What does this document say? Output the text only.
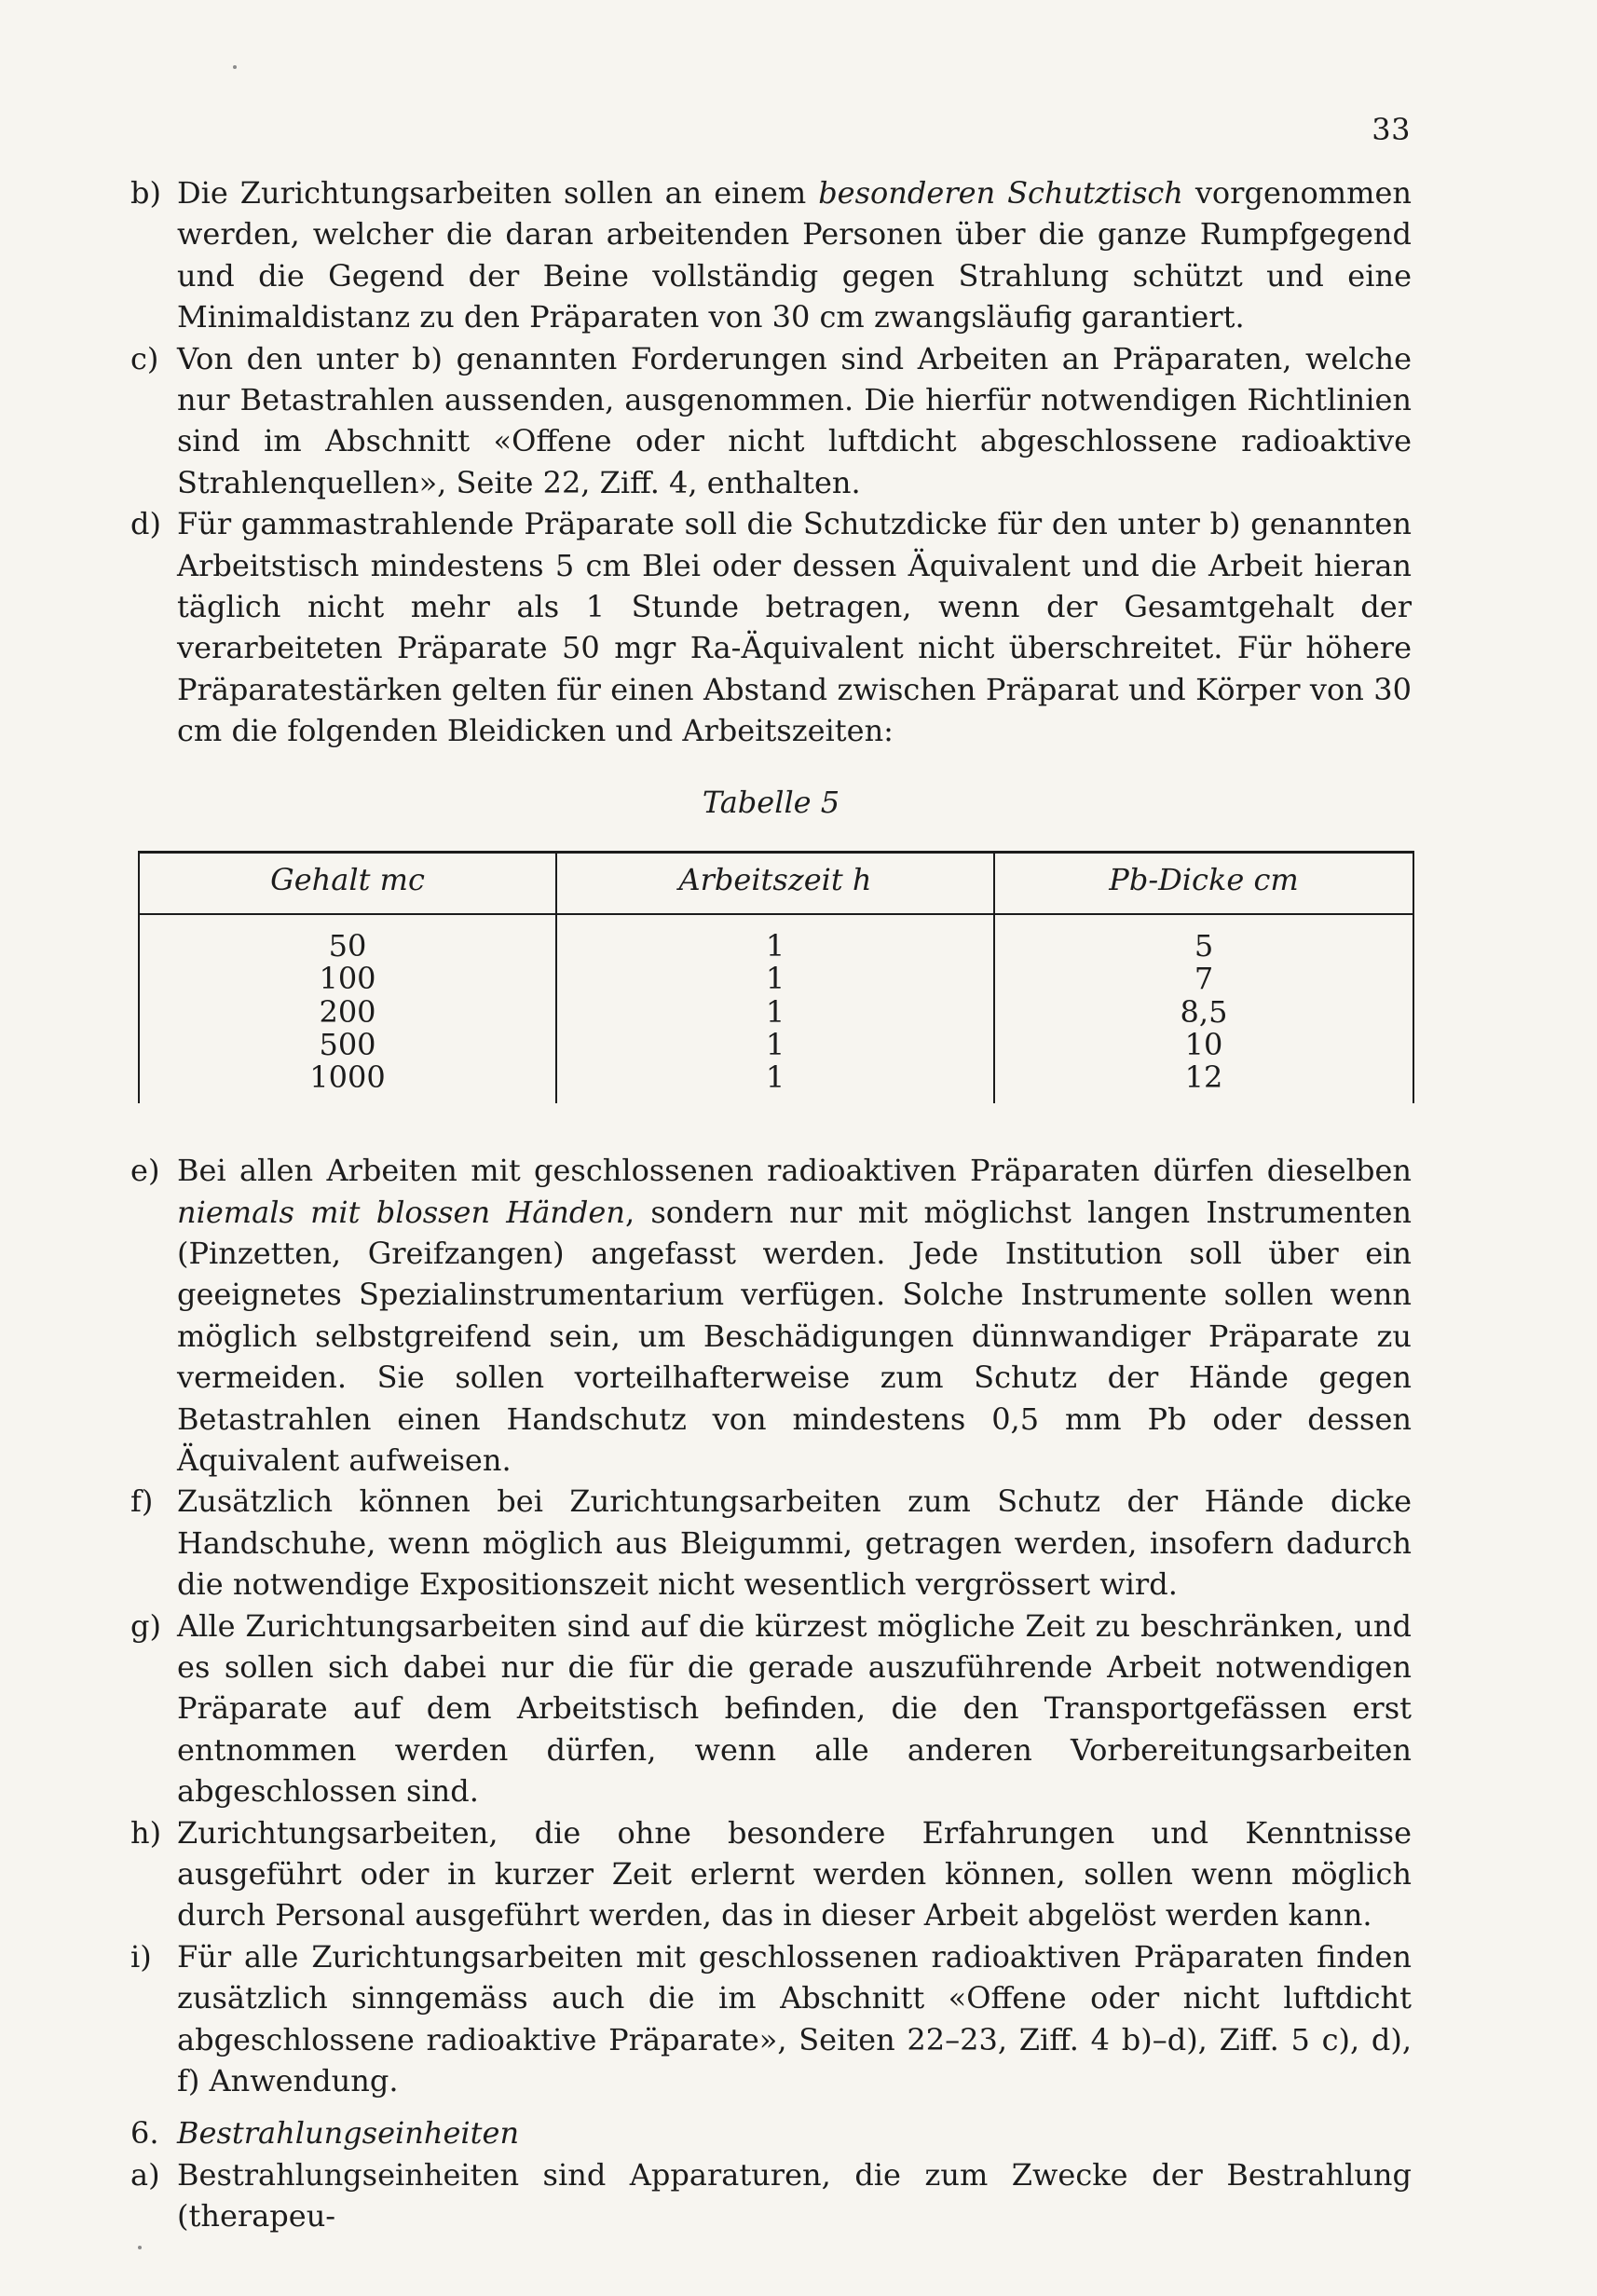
33
b) Die Zurichtungsarbeiten sollen an einem besonderen Schutztisch vorgenommen werden, welcher die daran arbeitenden Personen über die ganze Rumpfgegend und die Gegend der Beine vollständig gegen Strahlung schützt und eine Minimaldistanz zu den Präparaten von 30 cm zwangsläufig garantiert.

c) Von den unter b) genannten Forderungen sind Arbeiten an Präparaten, welche nur Betastrahlen aussenden, ausgenommen. Die hierfür notwendigen Richtlinien sind im Abschnitt «Offene oder nicht luftdicht abgeschlossene radioaktive Strahlenquellen», Seite 22, Ziff. 4, enthalten.

d) Für gammastrahlende Präparate soll die Schutzdicke für den unter b) genannten Arbeitstisch mindestens 5 cm Blei oder dessen Äquivalent und die Arbeit hieran täglich nicht mehr als 1 Stunde betragen, wenn der Gesamtgehalt der verarbeiteten Präparate 50 mgr Ra-Äquivalent nicht überschreitet. Für höhere Präparatestärken gelten für einen Abstand zwischen Präparat und Körper von 30 cm die folgenden Bleidicken und Arbeitszeiten:

Tabelle 5
Gehalt mc	Arbeitszeit h	Pb-Dicke cm
50
100
200
500
1000
1
1
1
1
1
5
7
8,5
10
12
e) Bei allen Arbeiten mit geschlossenen radioaktiven Präparaten dürfen dieselben niemals mit blossen Händen, sondern nur mit möglichst langen Instrumenten (Pinzetten, Greifzangen) angefasst werden. Jede Institution soll über ein geeignetes Spezialinstrumentarium verfügen. Solche Instrumente sollen wenn möglich selbstgreifend sein, um Beschädigungen dünnwandiger Präparate zu vermeiden. Sie sollen vorteilhafterweise zum Schutz der Hände gegen Betastrahlen einen Handschutz von mindestens 0,5 mm Pb oder dessen Äquivalent aufweisen.

f) Zusätzlich können bei Zurichtungsarbeiten zum Schutz der Hände dicke Handschuhe, wenn möglich aus Bleigummi, getragen werden, insofern dadurch die notwendige Expositionszeit nicht wesentlich vergrössert wird.

g) Alle Zurichtungsarbeiten sind auf die kürzest mögliche Zeit zu beschränken, und es sollen sich dabei nur die für die gerade auszuführende Arbeit notwendigen Präparate auf dem Arbeitstisch befinden, die den Transportgefässen erst entnommen werden dürfen, wenn alle anderen Vorbereitungsarbeiten abgeschlossen sind.

h) Zurichtungsarbeiten, die ohne besondere Erfahrungen und Kenntnisse ausgeführt oder in kurzer Zeit erlernt werden können, sollen wenn möglich durch Personal ausgeführt werden, das in dieser Arbeit abgelöst werden kann.

i) Für alle Zurichtungsarbeiten mit geschlossenen radioaktiven Präparaten finden zusätzlich sinngemäss auch die im Abschnitt «Offene oder nicht luftdicht abgeschlossene radioaktive Präparate», Seiten 22–23, Ziff. 4 b)–d), Ziff. 5 c), d), f) Anwendung.

6. Bestrahlungseinheiten

a) Bestrahlungseinheiten sind Apparaturen, die zum Zwecke der Bestrahlung (therapeu-
